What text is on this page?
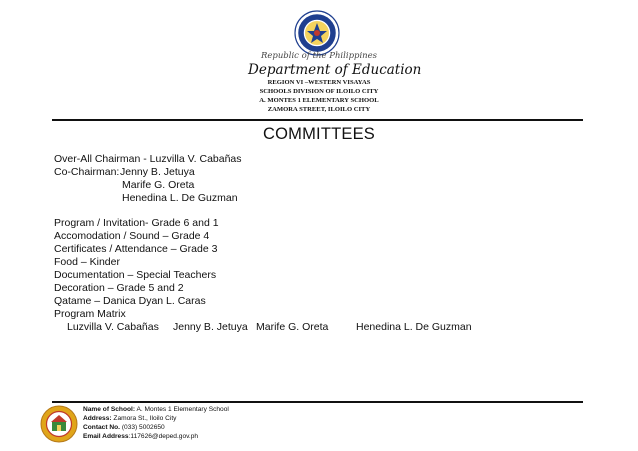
Republic of the Philippines
Department of Education
REGION VI –WESTERN VISAYAS
SCHOOLS DIVISION OF ILOILO CITY
A. MONTES 1 ELEMENTARY SCHOOL
ZAMORA STREET, ILOILO CITY
COMMITTEES
Over-All Chairman - Luzvilla V. Cabañas
Co-Chairman: Jenny B. Jetuya
Marife G. Oreta
Henedina L. De Guzman
Program / Invitation- Grade 6 and 1
Accomodation / Sound – Grade 4
Certificates / Attendance – Grade 3
Food – Kinder
Documentation – Special Teachers
Decoration – Grade 5 and 2
Qatame – Danica Dyan L. Caras
Program Matrix
Luzvilla V. Cabañas Jenny B. Jetuya Marife G. Oreta	Henedina L. De Guzman
Name of School: A. Montes 1 Elementary School
Address: Zamora St., Iloilo City
Contact No. (033) 5002650
Email Address:117626@deped.gov.ph
